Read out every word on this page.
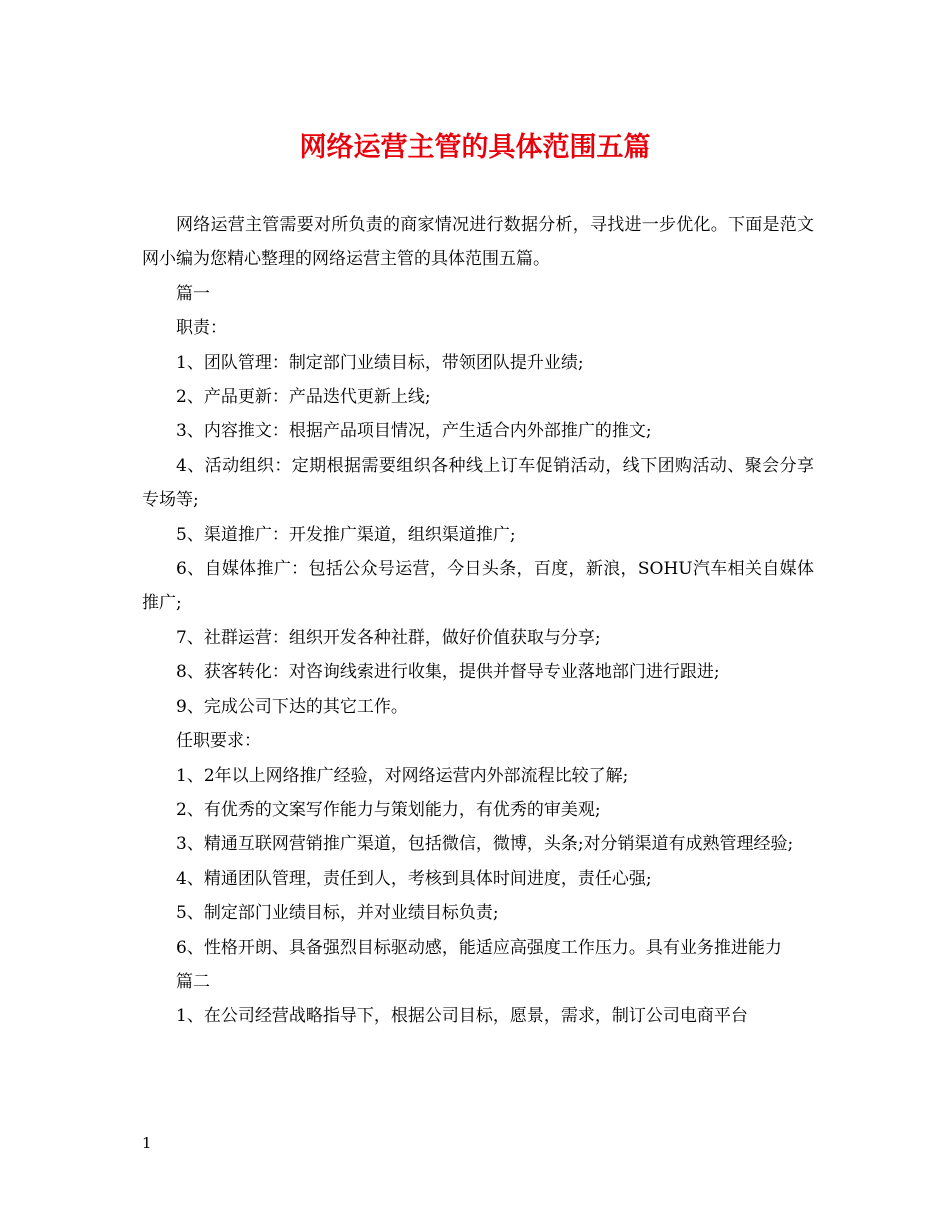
网络运营主管的具体范围五篇

网络运营主管需要对所负责的商家情况进行数据分析，寻找进一步优化。下面是范文网小编为您精心整理的网络运营主管的具体范围五篇。

篇一

职责：

1、团队管理：制定部门业绩目标，带领团队提升业绩;

2、产品更新：产品迭代更新上线;

3、内容推文：根据产品项目情况，产生适合内外部推广的推文;

4、活动组织：定期根据需要组织各种线上订车促销活动，线下团购活动、聚会分享专场等;

5、渠道推广：开发推广渠道，组织渠道推广;

6、自媒体推广：包括公众号运营，今日头条，百度，新浪，SOHU汽车相关自媒体推广;

7、社群运营：组织开发各种社群，做好价值获取与分享;

8、获客转化：对咨询线索进行收集，提供并督导专业落地部门进行跟进;

9、完成公司下达的其它工作。

任职要求：

1、2年以上网络推广经验，对网络运营内外部流程比较了解;

2、有优秀的文案写作能力与策划能力，有优秀的审美观;

3、精通互联网营销推广渠道，包括微信，微博，头条;对分销渠道有成熟管理经验;

4、精通团队管理，责任到人，考核到具体时间进度，责任心强;

5、制定部门业绩目标，并对业绩目标负责;

6、性格开朗、具备强烈目标驱动感，能适应高强度工作压力。具有业务推进能力

篇二

1、在公司经营战略指导下，根据公司目标，愿景，需求，制订公司电商平台

1
